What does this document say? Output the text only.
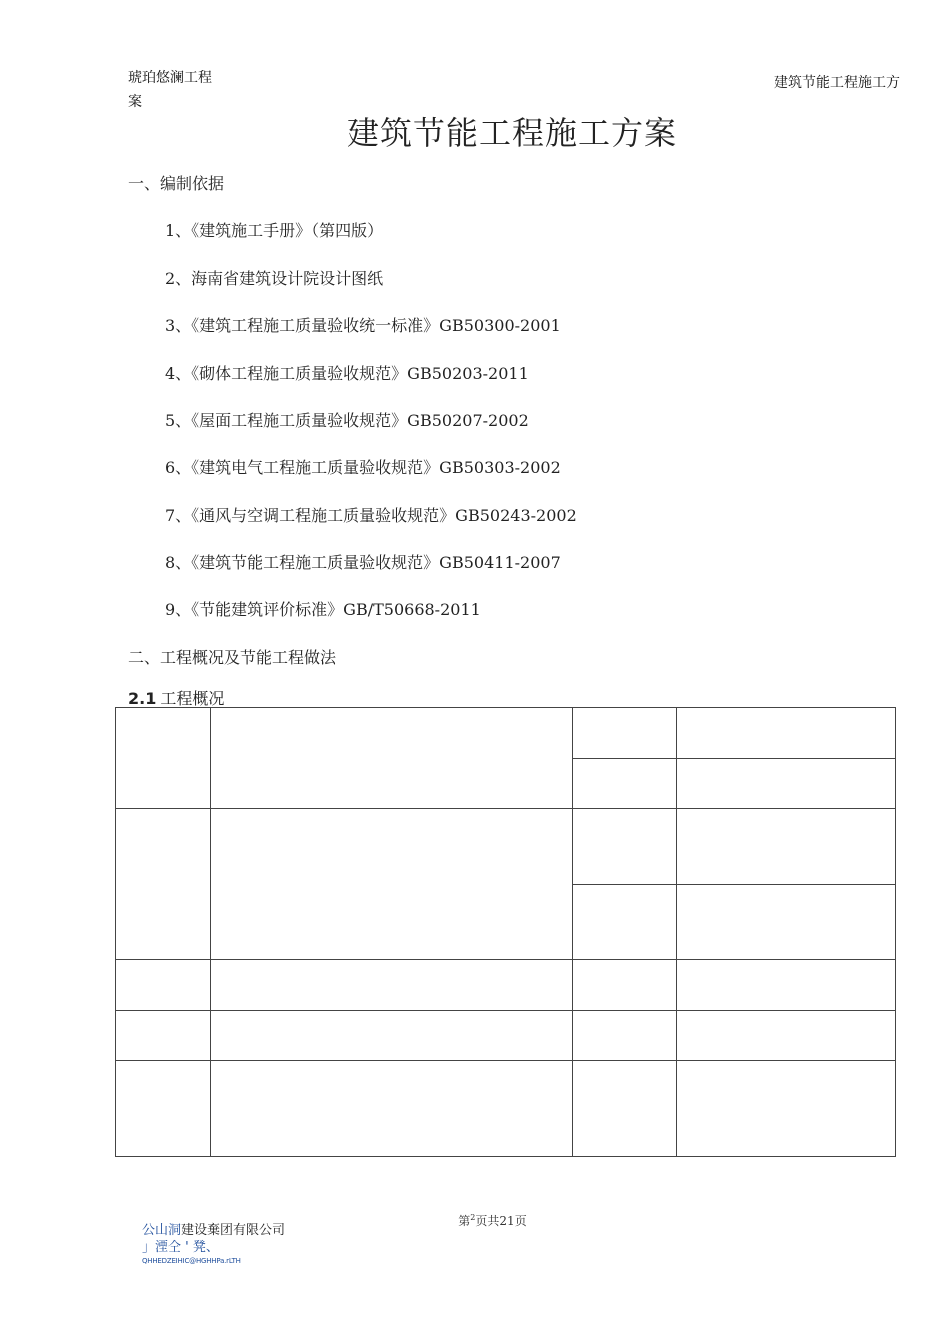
琥珀悠澜工程
案
建筑节能工程施工方
建筑节能工程施工方案
一、编制依据
1、《建筑施工手册》（第四版）
2、海南省建筑设计院设计图纸
3、《建筑工程施工质量验收统一标准》GB50300-2001
4、《砌体工程施工质量验收规范》GB50203-2011
5、《屋面工程施工质量验收规范》GB50207-2002
6、《建筑电气工程施工质量验收规范》GB50303-2002
7、《通风与空调工程施工质量验收规范》GB50243-2002
8、《建筑节能工程施工质量验收规范》GB50411-2007
9、《节能建筑评价标准》GB/T50668-2011
二、工程概况及节能工程做法
2.1 工程概况
第$^2$页共21页
公山洞建设棄团有限公司
」湮仝 ' 凳、
QHHEDZEIHIC@HGHHPa.rLTH
